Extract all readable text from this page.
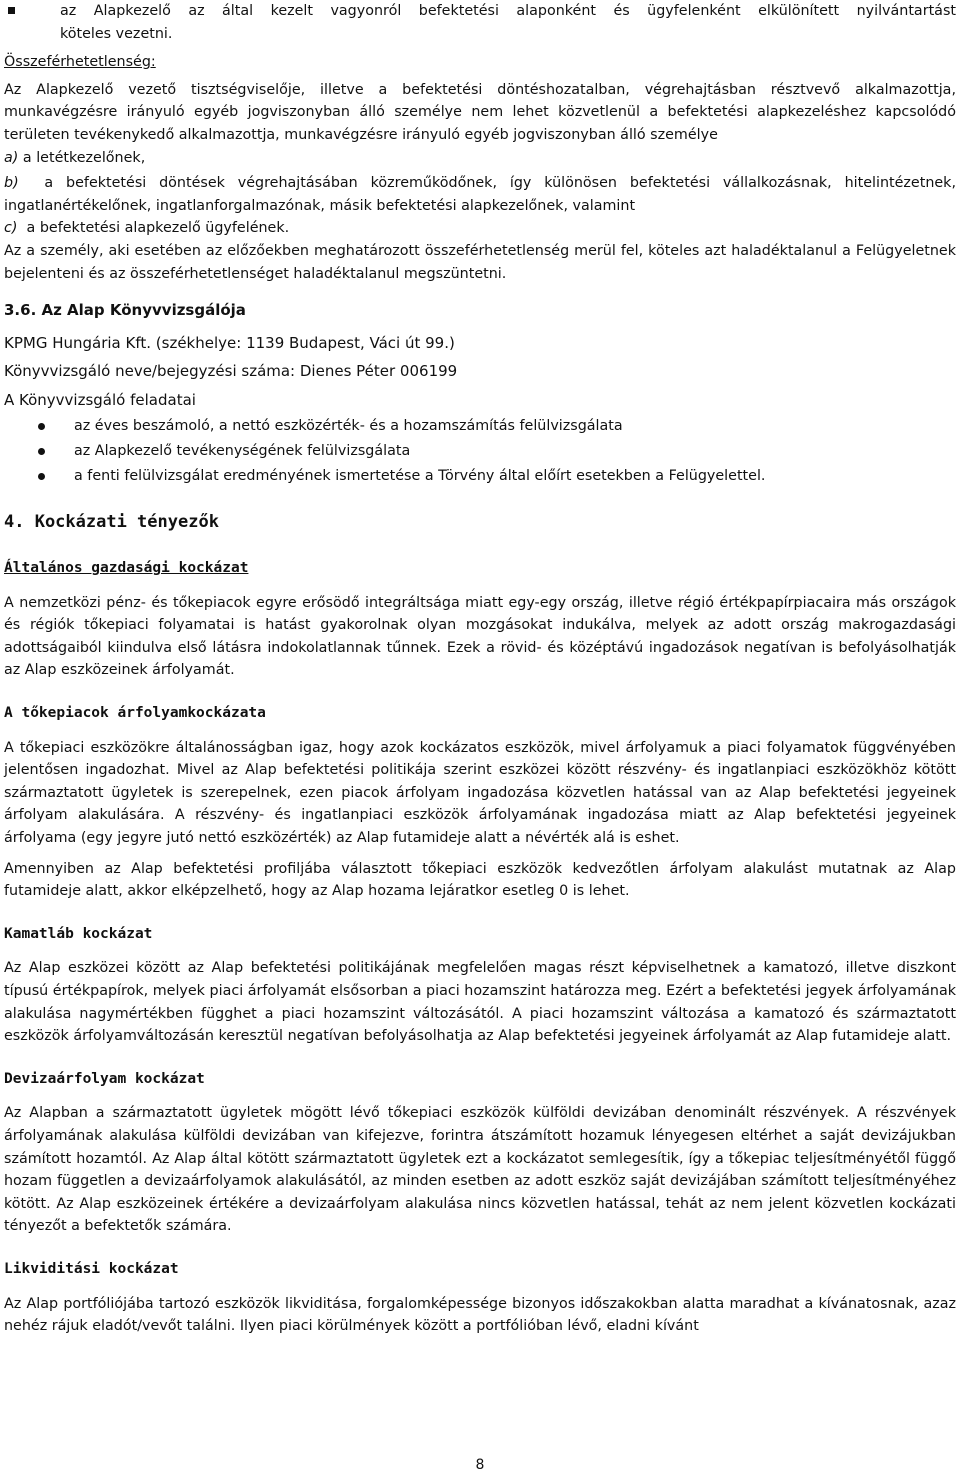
az Alapkezelő az által kezelt vagyonról befektetési alaponként és ügyfelenként elkülönített nyilvántartást

köteles vezetni.

Összeférhetetlenség:

Az Alapkezelő vezető tisztségviselője, illetve a befektetési döntéshozatalban, végrehajtásban résztvevő alkalmazottja, munkavégzésre irányuló egyéb jogviszonyban álló személye nem lehet közvetlenül a befektetési alapkezeléshez kapcsolódó területen tevékenykedő alkalmazottja, munkavégzésre irányuló egyéb jogviszonyban álló személye

a) a letétkezelőnek,

b) a befektetési döntések végrehajtásában közreműködőnek, így különösen befektetési vállalkozásnak, hitelintézetnek, ingatlanértékelőnek, ingatlanforgalmazónak, másik befektetési alapkezelőnek, valamint

c) a befektetési alapkezelő ügyfelének.

Az a személy, aki esetében az előzőekben meghatározott összeférhetetlenség merül fel, köteles azt haladéktalanul a Felügyeletnek bejelenteni és az összeférhetetlenséget haladéktalanul megszüntetni.

3.6. Az Alap Könyvvizsgálója

KPMG Hungária Kft. (székhelye: 1139 Budapest, Váci út 99.)

Könyvvizsgáló neve/bejegyzési száma: Dienes Péter 006199

A Könyvvizsgáló feladatai

az éves beszámoló, a nettó eszközérték- és a hozamszámítás felülvizsgálata
az Alapkezelő tevékenységének felülvizsgálata
a fenti felülvizsgálat eredményének ismertetése a Törvény által előírt esetekben a Felügyelettel.

4. Kockázati tényezők

Általános gazdasági kockázat

A nemzetközi pénz- és tőkepiacok egyre erősödő integráltsága miatt egy-egy ország, illetve régió értékpapírpiacaira más országok és régiók tőkepiaci folyamatai is hatást gyakorolnak olyan mozgásokat indukálva, melyek az adott ország makrogazdasági adottságaiból kiindulva első látásra indokolatlannak tűnnek. Ezek a rövid- és középtávú ingadozások negatívan is befolyásolhatják az Alap eszközeinek árfolyamát.

A tőkepiacok árfolyamkockázata

A tőkepiaci eszközökre általánosságban igaz, hogy azok kockázatos eszközök, mivel árfolyamuk a piaci folyamatok függvényében jelentősen ingadozhat. Mivel az Alap befektetési politikája szerint eszközei között részvény- és ingatlanpiaci eszközökhöz kötött származtatott ügyletek is szerepelnek, ezen piacok árfolyam ingadozása közvetlen hatással van az Alap befektetési jegyeinek árfolyam alakulására. A részvény- és ingatlanpiaci eszközök árfolyamának ingadozása miatt az Alap befektetési jegyeinek árfolyama (egy jegyre jutó nettó eszközérték) az Alap futamideje alatt a névérték alá is eshet.

Amennyiben az Alap befektetési profiljába választott tőkepiaci eszközök kedvezőtlen árfolyam alakulást mutatnak az Alap futamideje alatt, akkor elképzelhető, hogy az Alap hozama lejáratkor esetleg 0 is lehet.

Kamatláb kockázat

Az Alap eszközei között az Alap befektetési politikájának megfelelően magas részt képviselhetnek a kamatozó, illetve diszkont típusú értékpapírok, melyek piaci árfolyamát elsősorban a piaci hozamszint határozza meg. Ezért a befektetési jegyek árfolyamának alakulása nagymértékben függhet a piaci hozamszint változásától. A piaci hozamszint változása a kamatozó és származtatott eszközök árfolyamváltozásán keresztül negatívan befolyásolhatja az Alap befektetési jegyeinek árfolyamát az Alap futamideje alatt.

Devizaárfolyam kockázat

Az Alapban a származtatott ügyletek mögött lévő tőkepiaci eszközök külföldi devizában denominált részvények. A részvények árfolyamának alakulása külföldi devizában van kifejezve, forintra átszámított hozamuk lényegesen eltérhet a saját devizájukban számított hozamtól. Az Alap által kötött származtatott ügyletek ezt a kockázatot semlegesítik, így a tőkepiac teljesítményétől függő hozam független a devizaárfolyamok alakulásától, az minden esetben az adott eszköz saját devizájában számított teljesítményéhez kötött. Az Alap eszközeinek értékére a devizaárfolyam alakulása nincs közvetlen hatással, tehát az nem jelent közvetlen kockázati tényezőt a befektetők számára.

Likviditási kockázat

Az Alap portfóliójába tartozó eszközök likviditása, forgalomképessége bizonyos időszakokban alatta maradhat a kívánatosnak, azaz nehéz rájuk eladót/vevőt találni. Ilyen piaci körülmények között a portfólióban lévő, eladni kívánt

8
